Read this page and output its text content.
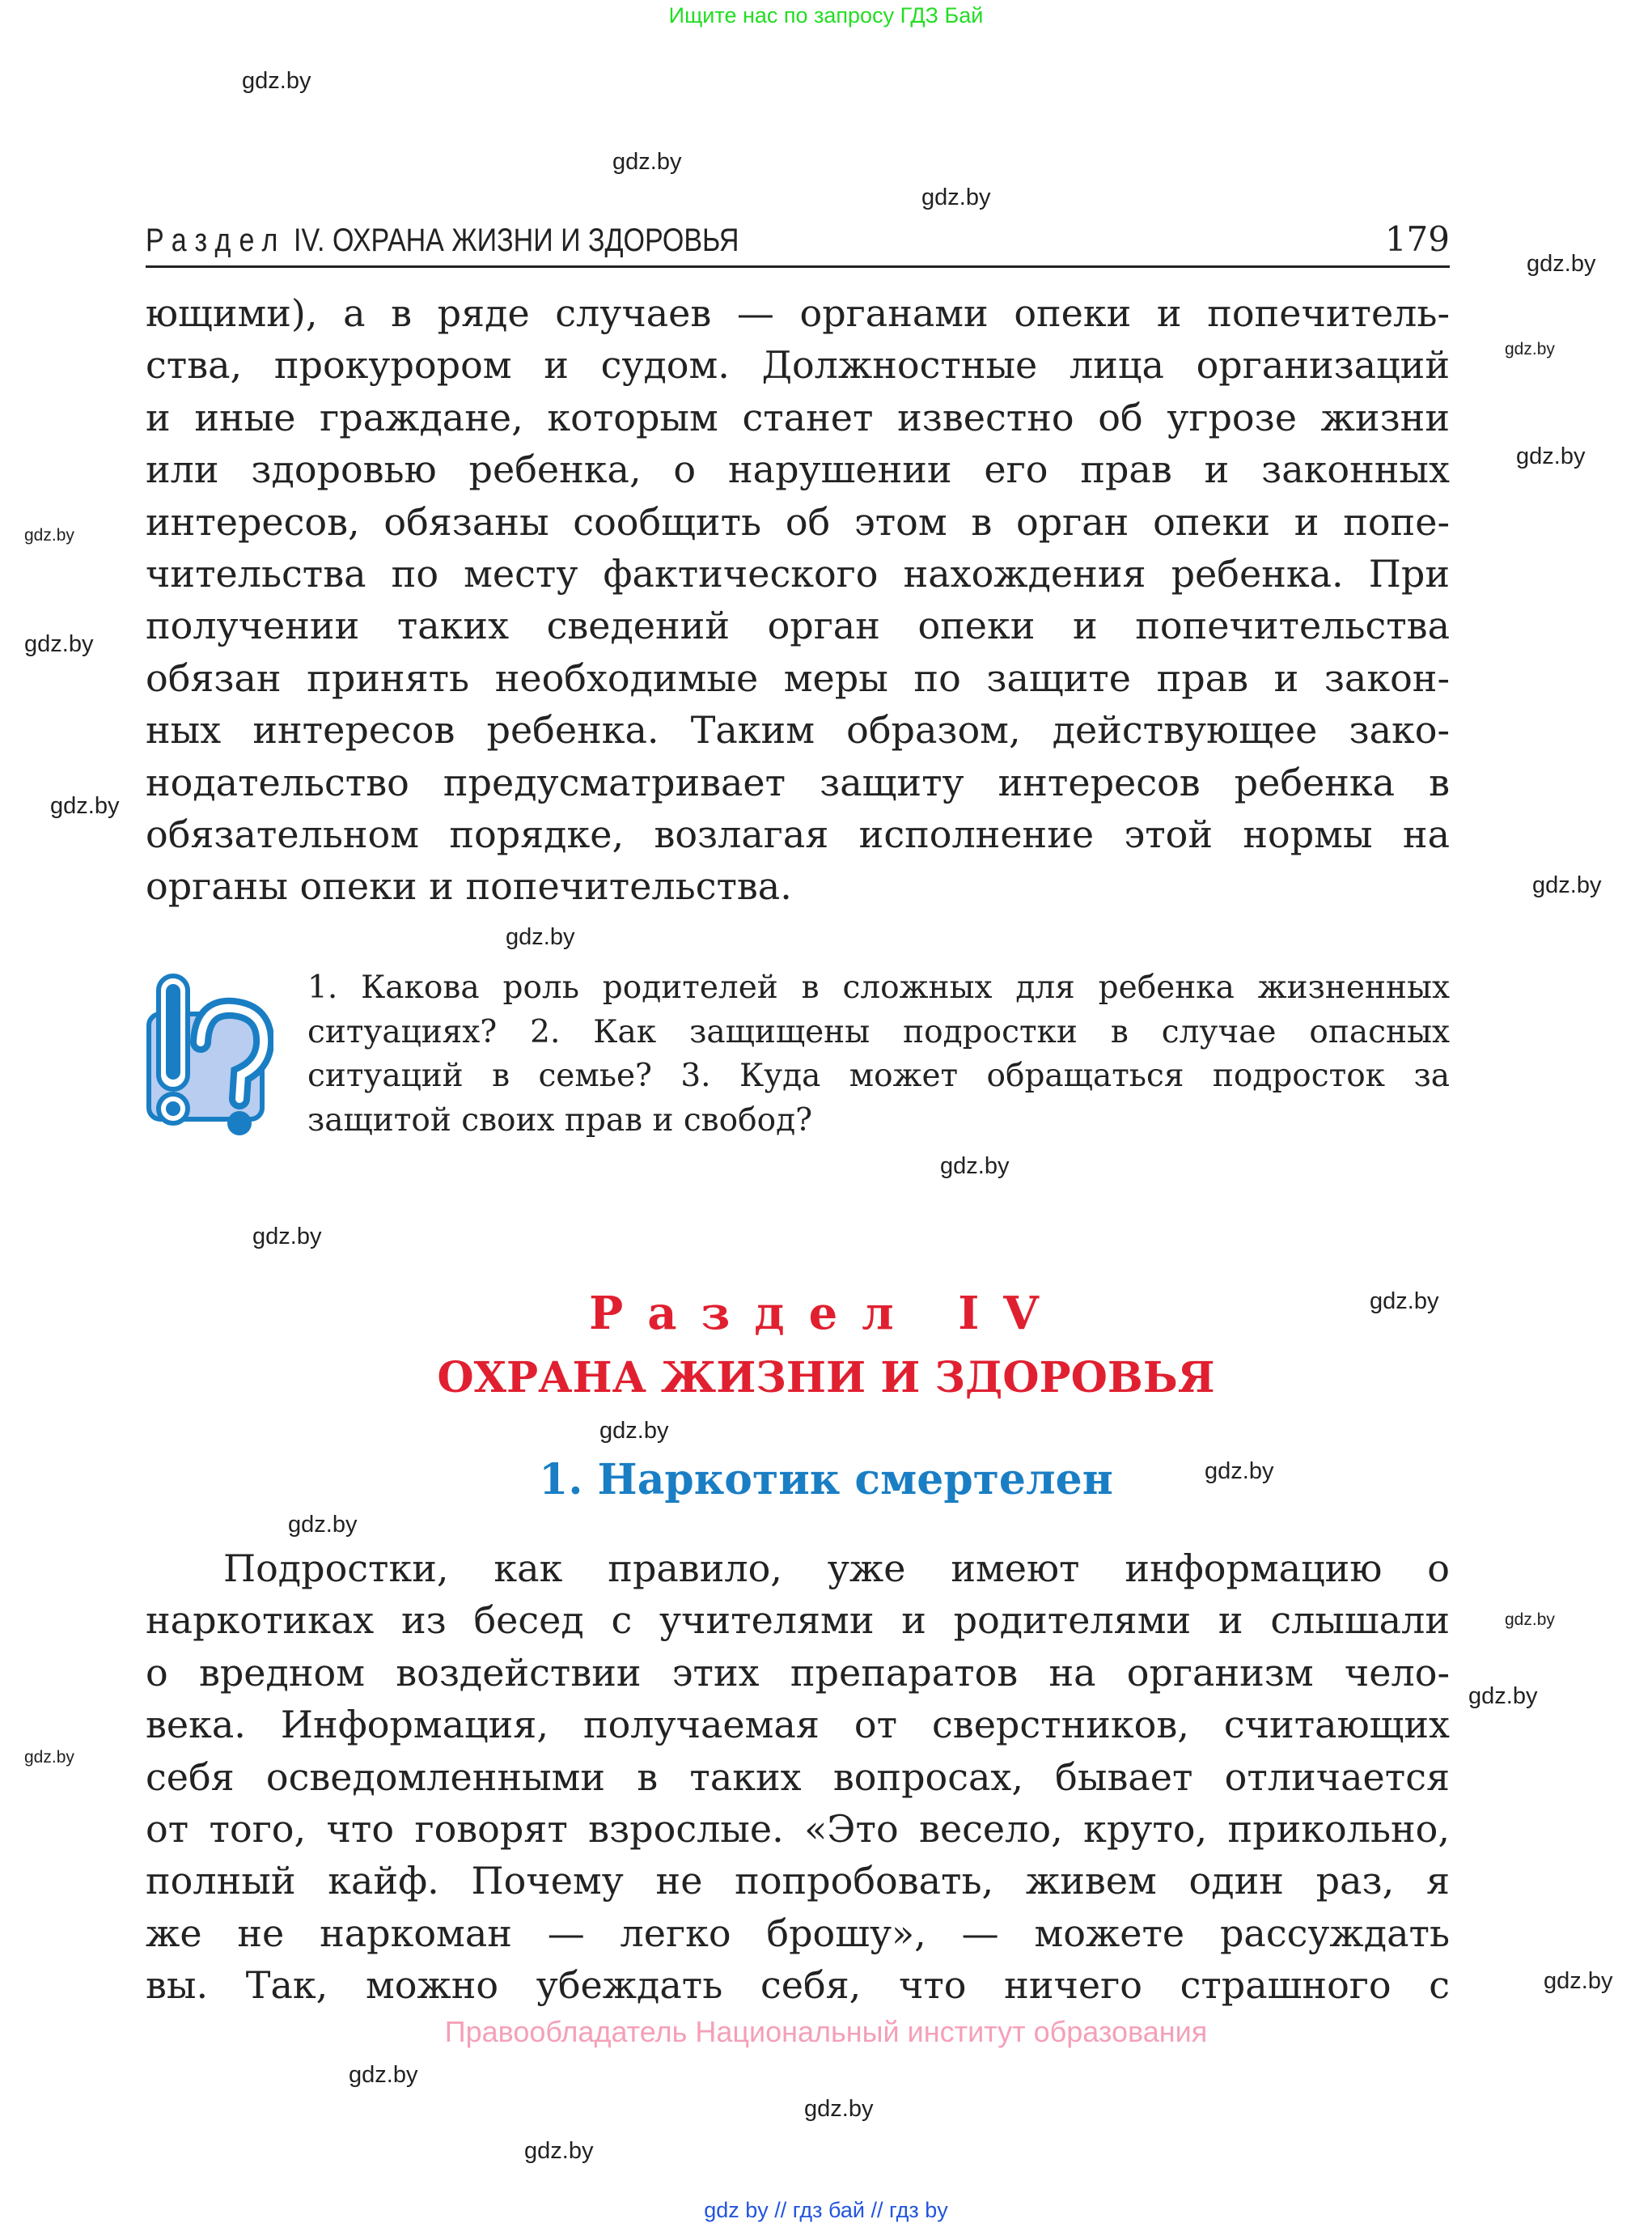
Ищите нас по запросу ГДЗ Бай
Раздел IV. ОХРАНА ЖИЗНИ И ЗДОРОВЬЯ	179
ющими), а в ряде случаев — органами опеки и попечитель-
ства, прокурором и судом. Должностные лица организаций
и иные граждане, которым станет известно об угрозе жизни
или здоровью ребенка, о нарушении его прав и законных
интересов, обязаны сообщить об этом в орган опеки и попе-
чительства по месту фактического нахождения ребенка. При
получении таких сведений орган опеки и попечительства
обязан принять необходимые меры по защите прав и закон-
ных интересов ребенка. Таким образом, действующее зако-
нодательство предусматривает защиту интересов ребенка в
обязательном порядке, возлагая исполнение этой нормы на
органы опеки и попечительства.
1. Какова роль родителей в сложных для ребенка жизненных
ситуациях? 2. Как защищены подростки в случае опасных
ситуаций в семье? 3. Куда может обращаться подросток за
защитой своих прав и свобод?
Раздел IV
ОХРАНА ЖИЗНИ И ЗДОРОВЬЯ
1. Наркотик смертелен
Подростки, как правило, уже имеют информацию о
наркотиках из бесед с учителями и родителями и слышали
о вредном воздействии этих препаратов на организм чело-
века. Информация, получаемая от сверстников, считающих
себя осведомленными в таких вопросах, бывает отличается
от того, что говорят взрослые. «Это весело, круто, прикольно,
полный кайф. Почему не попробовать, живем один раз, я
же не наркоман — легко брошу», — можете рассуждать
вы. Так, можно убеждать себя, что ничего страшного с
Правообладатель Национальный институт образования
gdz by // гдз бай // гдз by
gdz.by
gdz.by
gdz.by
gdz.by
gdz.by
gdz.by
gdz.by
gdz.by
gdz.by
gdz.by
gdz.by
gdz.by
gdz.by
gdz.by
gdz.by
gdz.by
gdz.by
gdz.by
gdz.by
gdz.by
gdz.by
gdz.by
gdz.by
gdz.by
